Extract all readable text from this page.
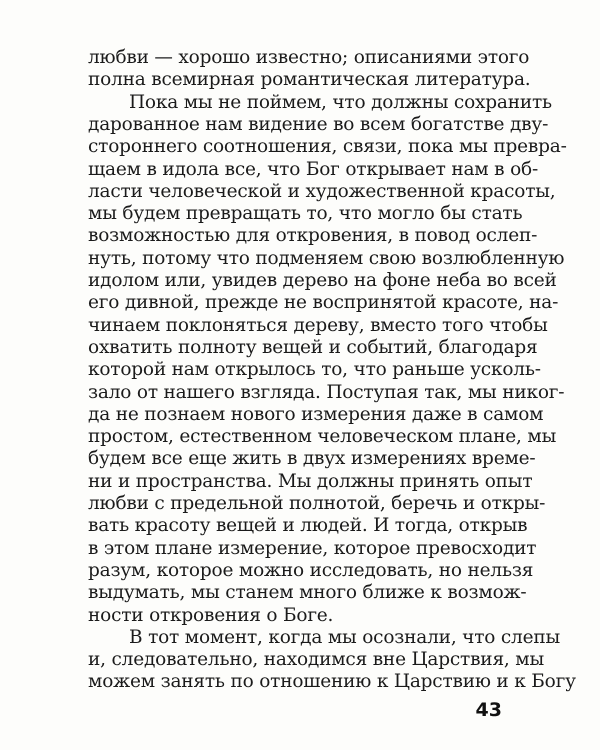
любви — хорошо известно; описаниями этого

полна всемирная романтическая литература.

Пока мы не поймем, что должны сохранить

дарованное нам видение во всем богатстве дву-

стороннего соотношения, связи, пока мы превра-

щаем в идола все, что Бог открывает нам в об-

ласти человеческой и художественной красоты,

мы будем превращать то, что могло бы стать

возможностью для откровения, в повод ослеп-

нуть, потому что подменяем свою возлюбленную

идолом или, увидев дерево на фоне неба во всей

его дивной, прежде не воспринятой красоте, на-

чинаем поклоняться дереву, вместо того чтобы

охватить полноту вещей и событий, благодаря

которой нам открылось то, что раньше усколь-

зало от нашего взгляда. Поступая так, мы никог-

да не познаем нового измерения даже в самом

простом, естественном человеческом плане, мы

будем все еще жить в двух измерениях време-

ни и пространства. Мы должны принять опыт

любви с предельной полнотой, беречь и откры-

вать красоту вещей и людей. И тогда, открыв

в этом плане измерение, которое превосходит

разум, которое можно исследовать, но нельзя

выдумать, мы станем много ближе к возмож-

ности откровения о Боге.

В тот момент, когда мы осознали, что слепы

и, следовательно, находимся вне Царствия, мы

можем занять по отношению к Царствию и к Богу

43
